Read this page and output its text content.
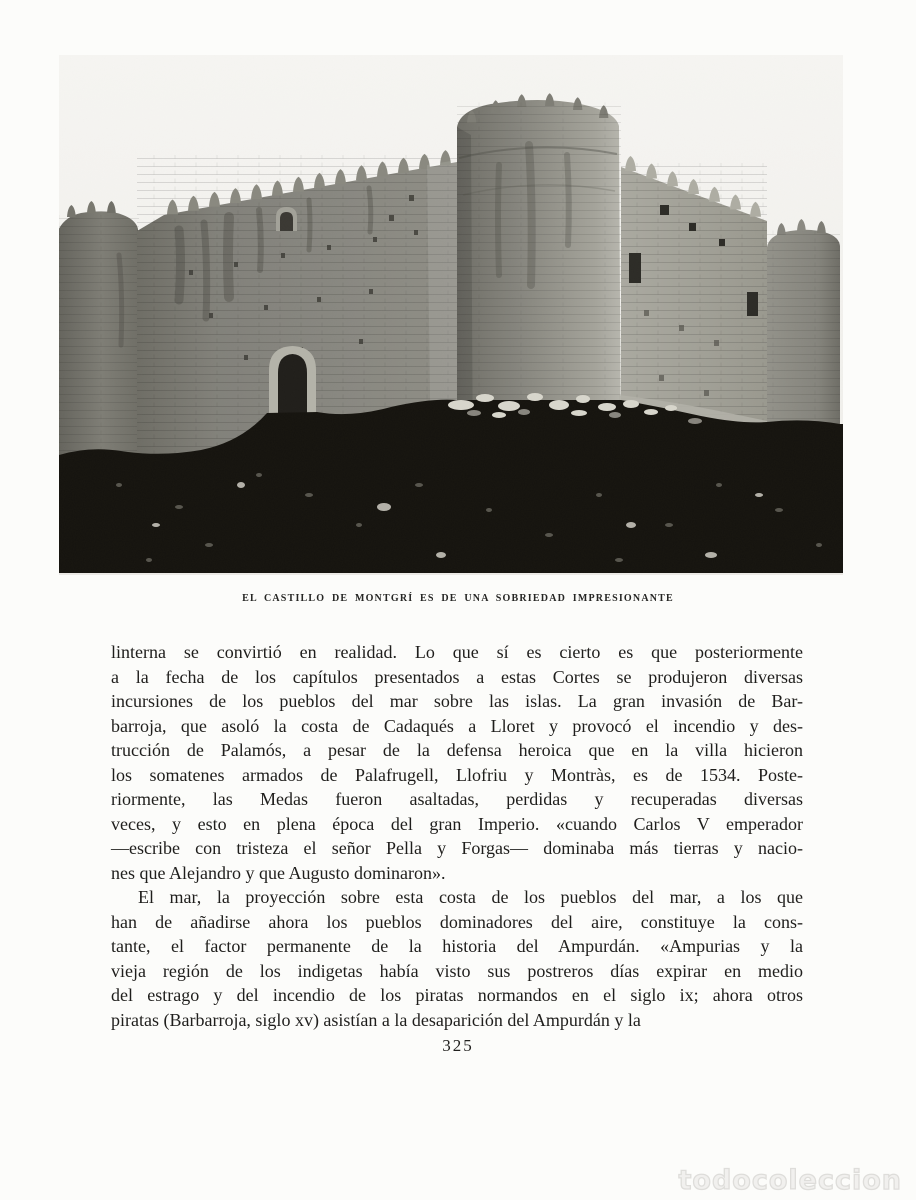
EL CASTILLO DE MONTGRÍ ES DE UNA SOBRIEDAD IMPRESIONANTE
linterna se convirtió en realidad. Lo que sí es cierto es que posteriormente
a la fecha de los capítulos presentados a estas Cortes se produjeron diversas
incursiones de los pueblos del mar sobre las islas. La gran invasión de Bar-
barroja, que asoló la costa de Cadaqués a Lloret y provocó el incendio y des-
trucción de Palamós, a pesar de la defensa heroica que en la villa hicieron
los somatenes armados de Palafrugell, Llofriu y Montràs, es de 1534. Poste-
riormente, las Medas fueron asaltadas, perdidas y recuperadas diversas
veces, y esto en plena época del gran Imperio. «cuando Carlos V emperador
—escribe con tristeza el señor Pella y Forgas— dominaba más tierras y nacio-
nes que Alejandro y que Augusto dominaron».
El mar, la proyección sobre esta costa de los pueblos del mar, a los que
han de añadirse ahora los pueblos dominadores del aire, constituye la cons-
tante, el factor permanente de la historia del Ampurdán. «Ampurias y la
vieja región de los indigetas había visto sus postreros días expirar en medio
del estrago y del incendio de los piratas normandos en el siglo ix; ahora otros
piratas (Barbarroja, siglo xv) asistían a la desaparición del Ampurdán y la
325
todocoleccion
